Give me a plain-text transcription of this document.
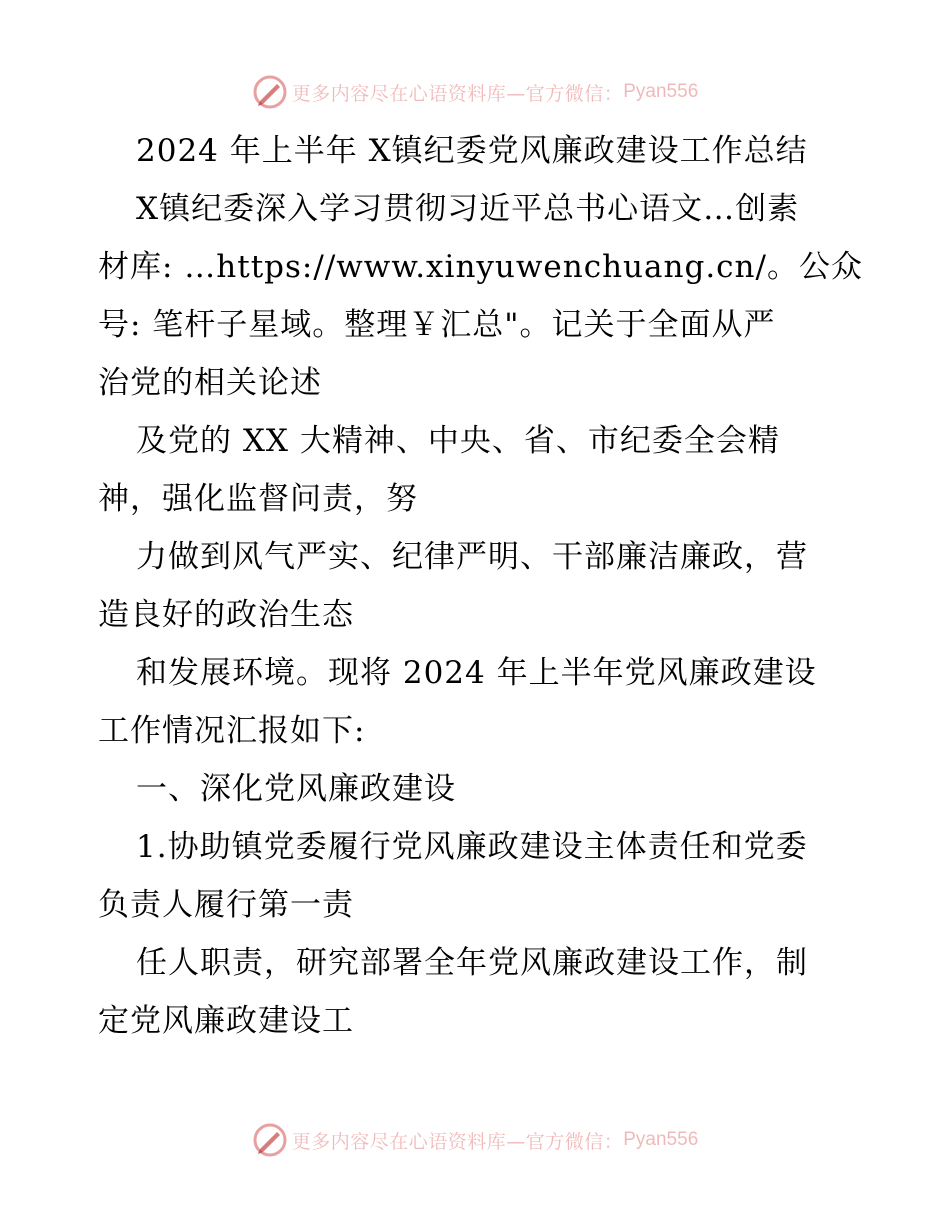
更多内容尽在心语资料库—官方微信： Pyan556
2024 年上半年 X镇纪委党风廉政建设工作总结
X镇纪委深入学习贯彻习近平总书心语文…创素
材库: …https://www.xinyuwenchuang.cn/。公众
号: 笔杆子星域。整理￥汇总"。记关于全面从严
治党的相关论述
及党的 XX 大精神、中央、省、市纪委全会精
神，强化监督问责，努
力做到风气严实、纪律严明、干部廉洁廉政，营
造良好的政治生态
和发展环境。现将 2024 年上半年党风廉政建设
工作情况汇报如下:
一、深化党风廉政建设
1.协助镇党委履行党风廉政建设主体责任和党委
负责人履行第一责
任人职责，研究部署全年党风廉政建设工作，制
定党风廉政建设工
更多内容尽在心语资料库—官方微信： Pyan556
